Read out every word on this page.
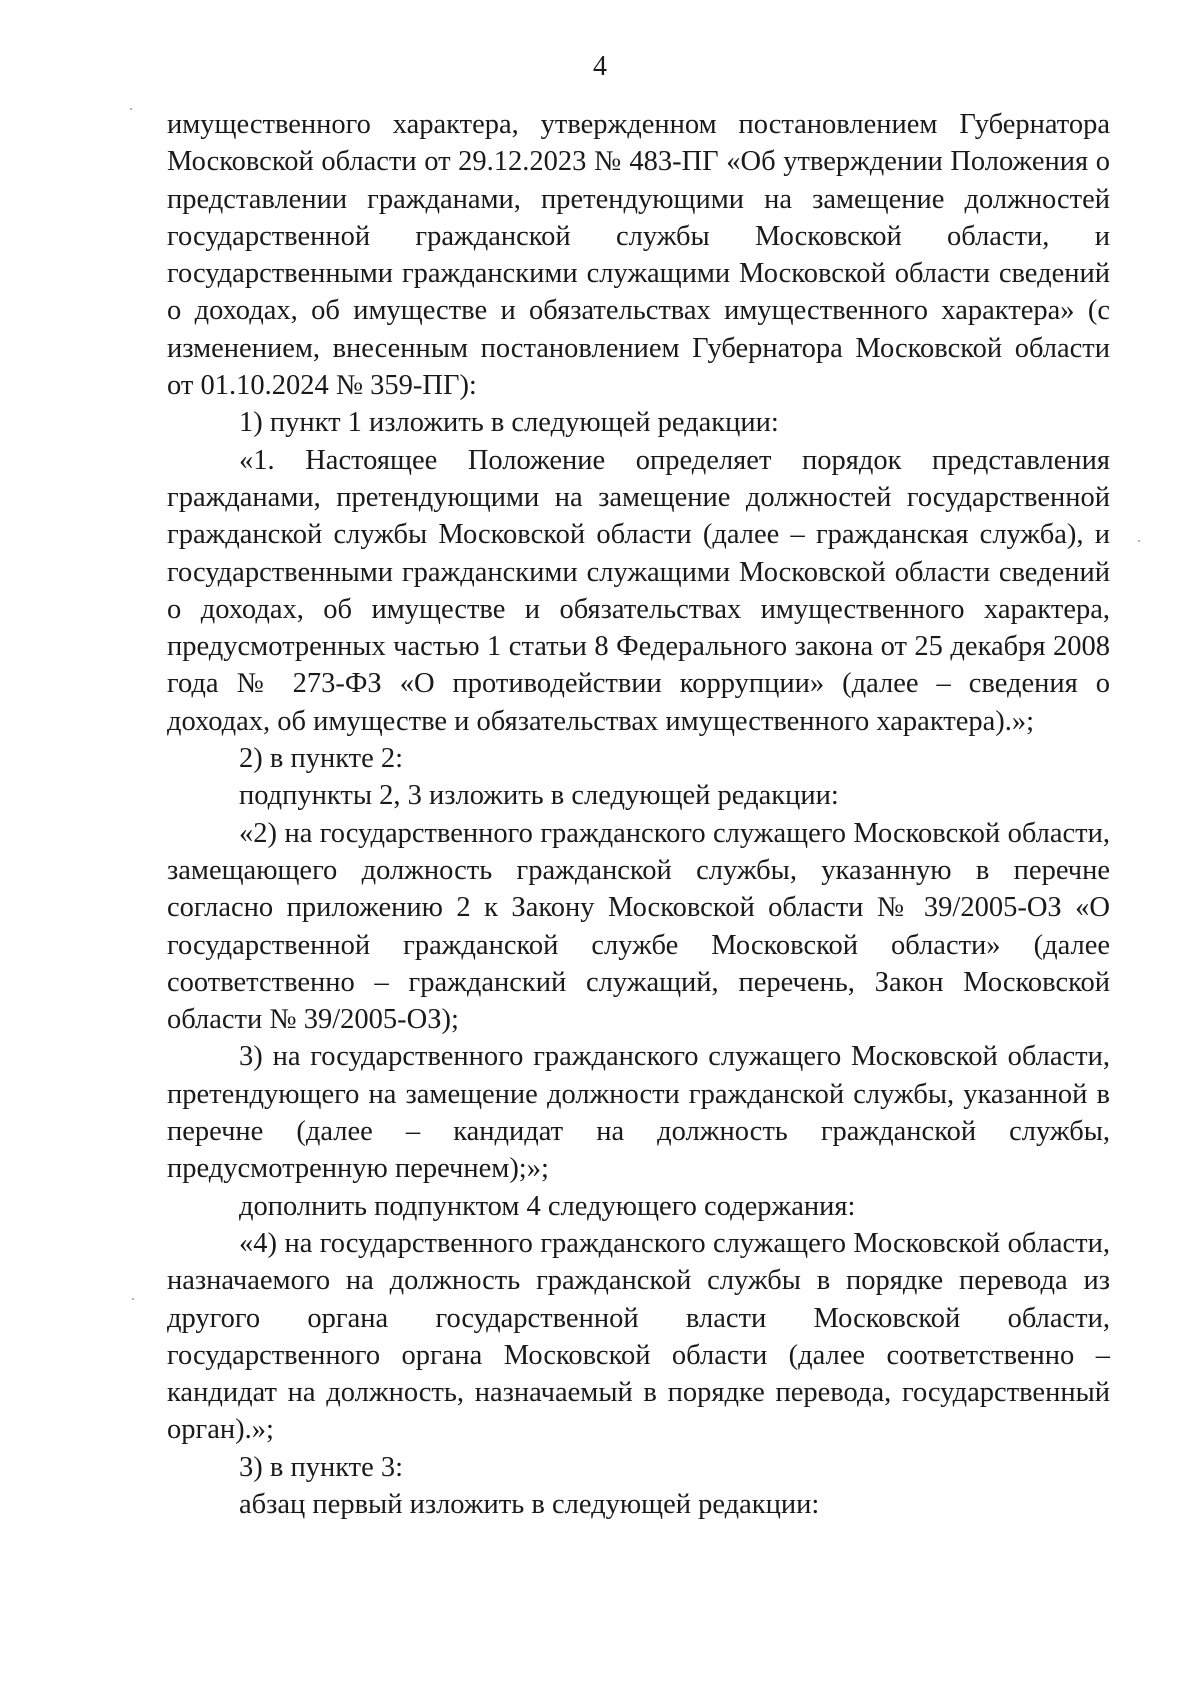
4

имущественного характера, утвержденном постановлением Губернатора Московской области от 29.12.2023 № 483-ПГ «Об утверждении Положения о представлении гражданами, претендующими на замещение должностей государственной гражданской службы Московской области, и государственными гражданскими служащими Московской области сведений о доходах, об имуществе и обязательствах имущественного характера» (с изменением, внесенным постановлением Губернатора Московской области от 01.10.2024 № 359-ПГ):

1) пункт 1 изложить в следующей редакции:

«1. Настоящее Положение определяет порядок представления гражданами, претендующими на замещение должностей государственной гражданской службы Московской области (далее – гражданская служба), и государственными гражданскими служащими Московской области сведений о доходах, об имуществе и обязательствах имущественного характера, предусмотренных частью 1 статьи 8 Федерального закона от 25 декабря 2008 года № 273-ФЗ «О противодействии коррупции» (далее – сведения о доходах, об имуществе и обязательствах имущественного характера).»;

2) в пункте 2:

подпункты 2, 3 изложить в следующей редакции:

«2) на государственного гражданского служащего Московской области, замещающего должность гражданской службы, указанную в перечне согласно приложению 2 к Закону Московской области № 39/2005-ОЗ «О государственной гражданской службе Московской области» (далее соответственно – гражданский служащий, перечень, Закон Московской области № 39/2005-ОЗ);

3) на государственного гражданского служащего Московской области, претендующего на замещение должности гражданской службы, указанной в перечне (далее – кандидат на должность гражданской службы, предусмотренную перечнем);»;

дополнить подпунктом 4 следующего содержания:

«4) на государственного гражданского служащего Московской области, назначаемого на должность гражданской службы в порядке перевода из другого органа государственной власти Московской области, государственного органа Московской области (далее соответственно – кандидат на должность, назначаемый в порядке перевода, государственный орган).»;

3) в пункте 3:

абзац первый изложить в следующей редакции:
